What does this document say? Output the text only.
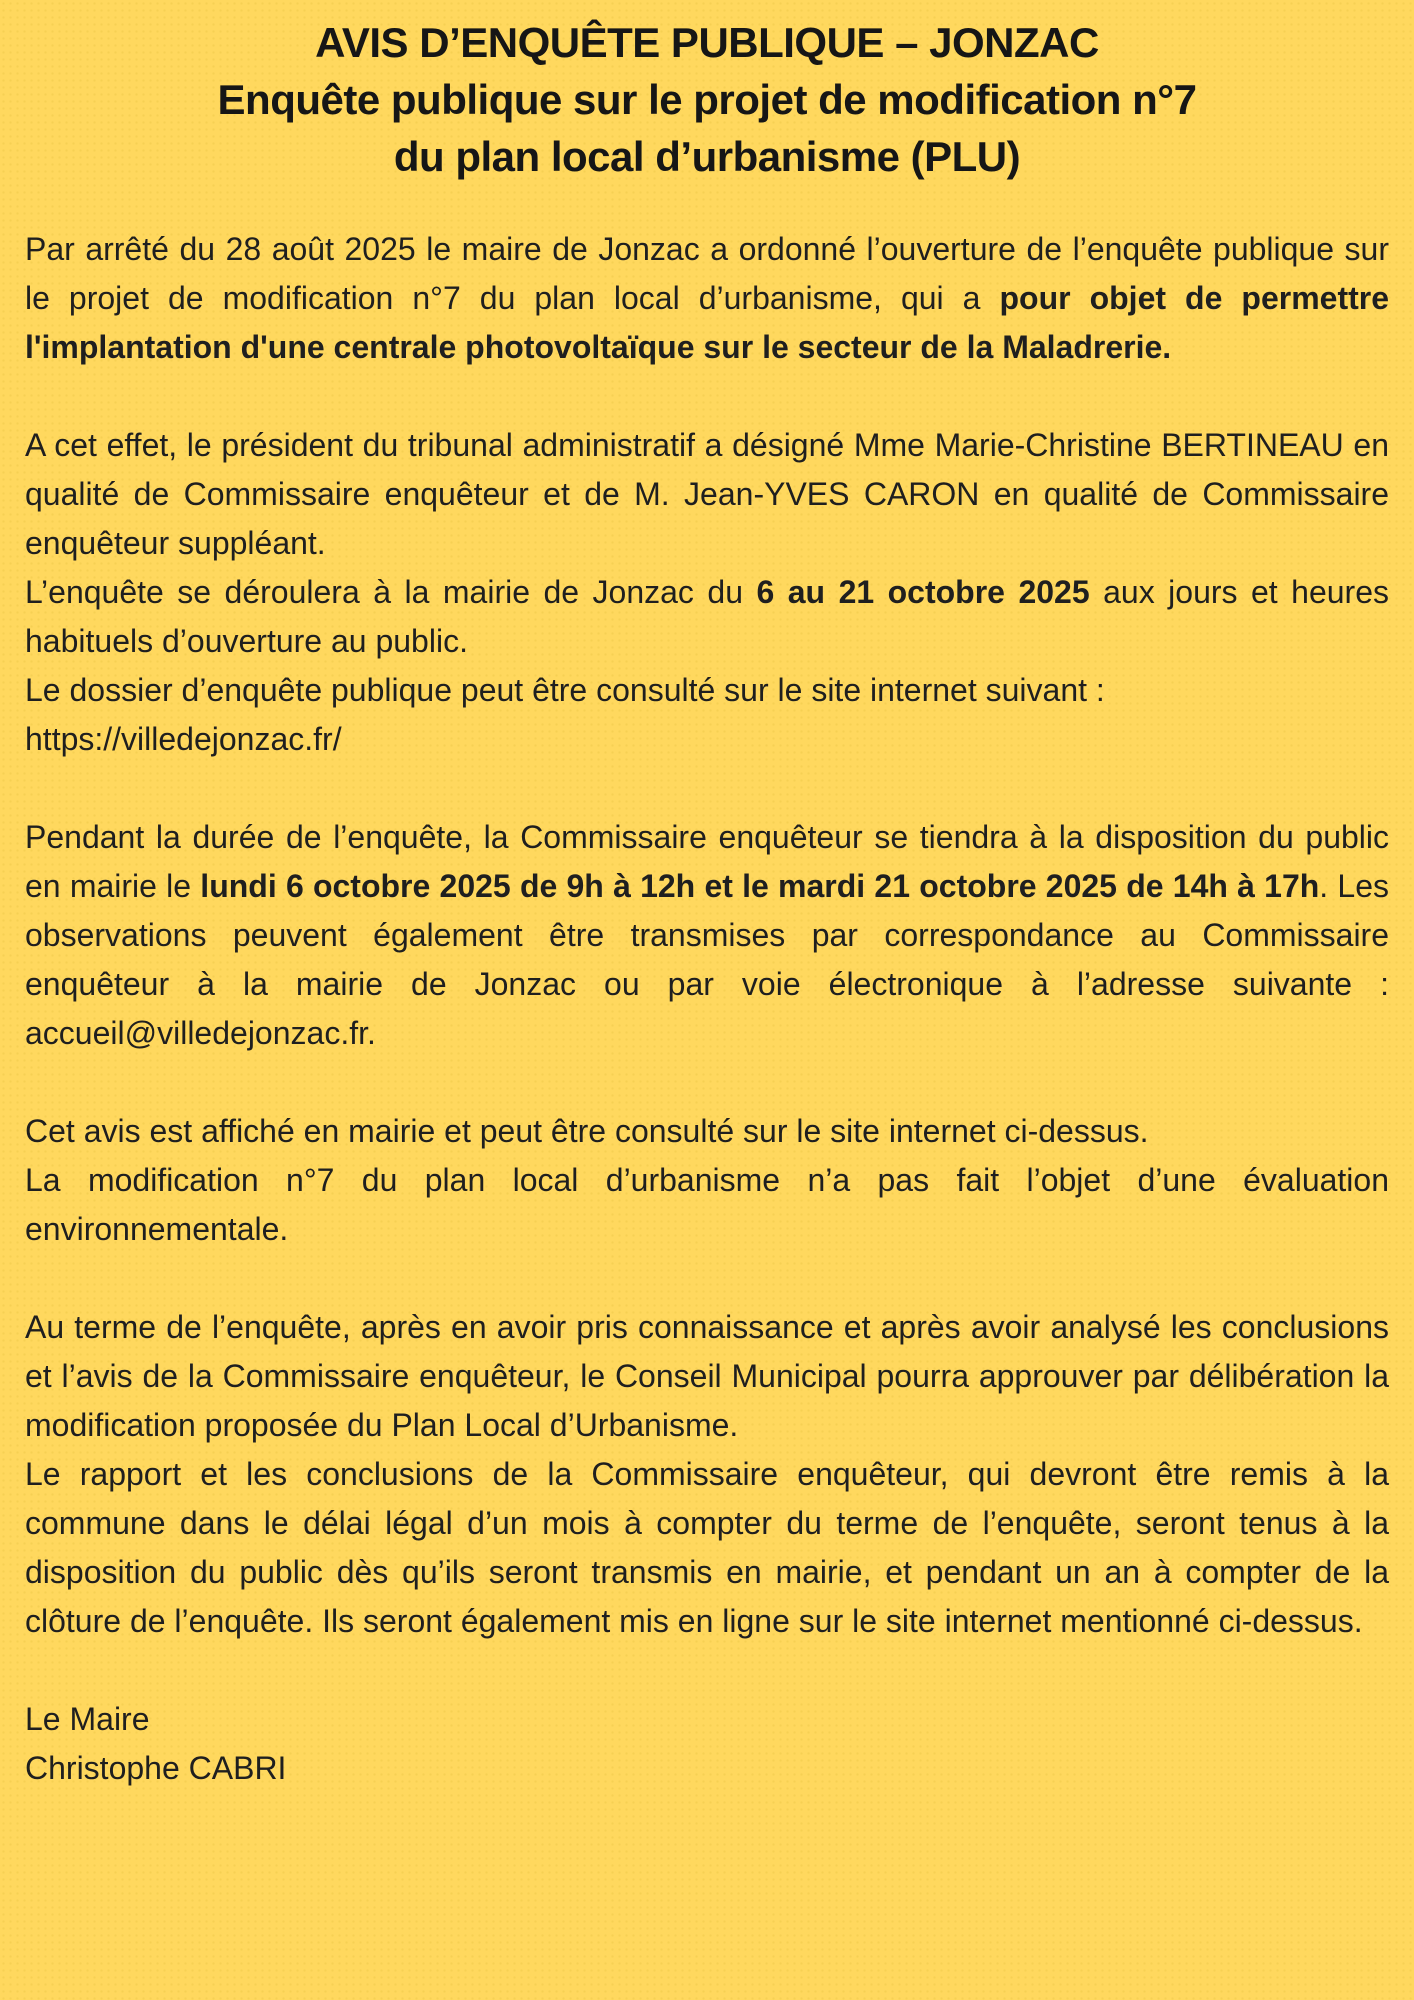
AVIS D’ENQUÊTE PUBLIQUE – JONZAC
Enquête publique sur le projet de modification n°7
du plan local d’urbanisme (PLU)

Par arrêté du 28 août 2025 le maire de Jonzac a ordonné l’ouverture de l’enquête publique sur le projet de modification n°7 du plan local d’urbanisme, qui a pour objet de permettre l'implantation d'une centrale photovoltaïque sur le secteur de la Maladrerie.

A cet effet, le président du tribunal administratif a désigné Mme Marie-Christine BERTINEAU en qualité de Commissaire enquêteur et de M. Jean-YVES CARON en qualité de Commissaire enquêteur suppléant.
L’enquête se déroulera à la mairie de Jonzac du 6 au 21 octobre 2025 aux jours et heures habituels d’ouverture au public.
Le dossier d’enquête publique peut être consulté sur le site internet suivant :
https://villedejonzac.fr/

Pendant la durée de l’enquête, la Commissaire enquêteur se tiendra à la disposition du public en mairie le lundi 6 octobre 2025 de 9h à 12h et le mardi 21 octobre 2025 de 14h à 17h. Les observations peuvent également être transmises par correspondance au Commissaire enquêteur à la mairie de Jonzac ou par voie électronique à l’adresse suivante : accueil@villedejonzac.fr.

Cet avis est affiché en mairie et peut être consulté sur le site internet ci-dessus.
La modification n°7 du plan local d’urbanisme n’a pas fait l’objet d’une évaluation environnementale.

Au terme de l’enquête, après en avoir pris connaissance et après avoir analysé les conclusions et l’avis de la Commissaire enquêteur, le Conseil Municipal pourra approuver par délibération la modification proposée du Plan Local d’Urbanisme.
Le rapport et les conclusions de la Commissaire enquêteur, qui devront être remis à la commune dans le délai légal d’un mois à compter du terme de l’enquête, seront tenus à la disposition du public dès qu’ils seront transmis en mairie, et pendant un an à compter de la clôture de l’enquête. Ils seront également mis en ligne sur le site internet mentionné ci-dessus.

Le Maire
Christophe CABRI
